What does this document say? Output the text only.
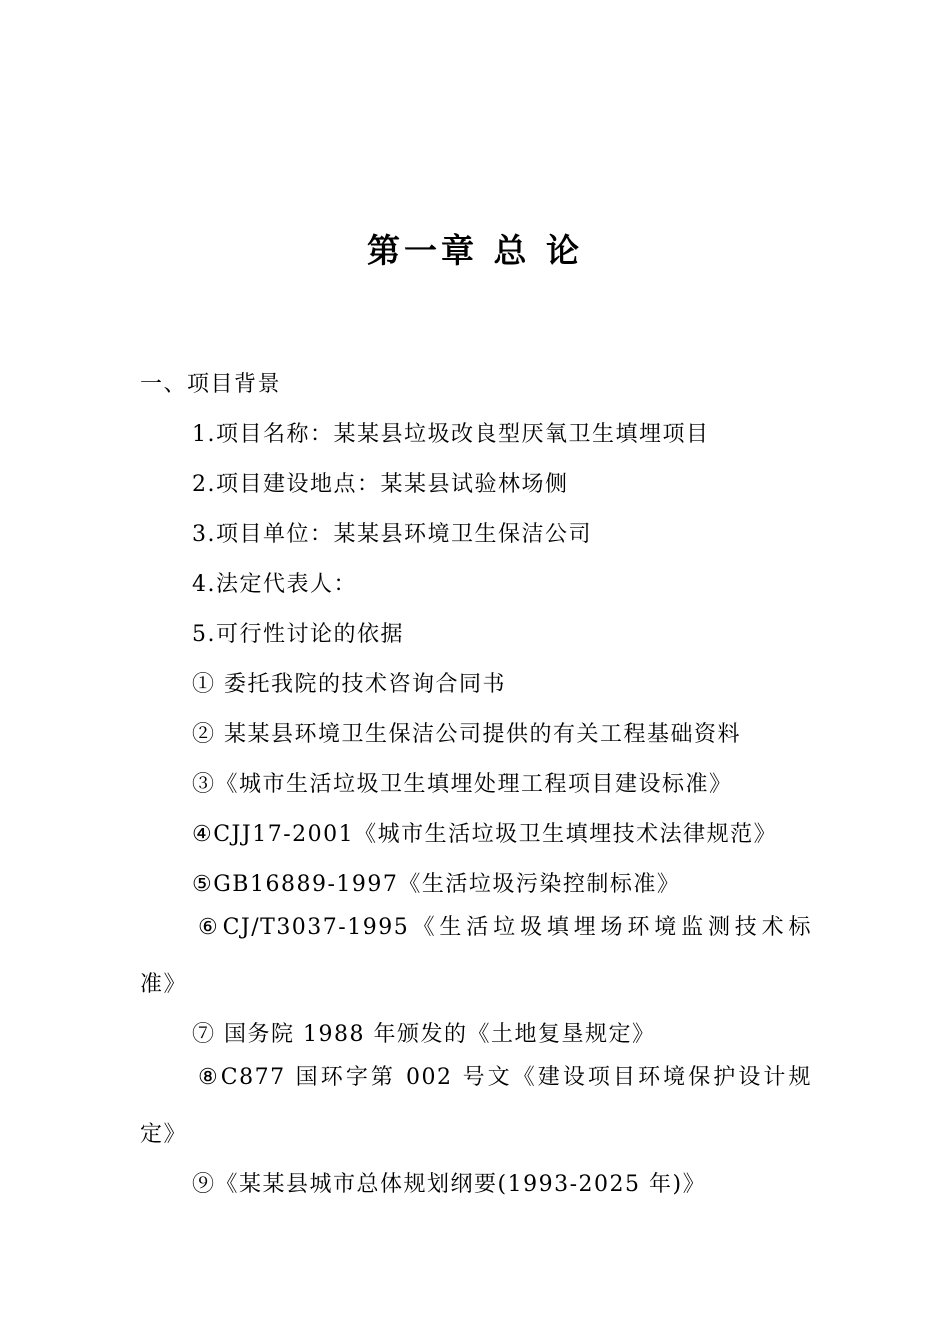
第一章 总 论
一、项目背景
1.项目名称：某某县垃圾改良型厌氧卫生填埋项目
2.项目建设地点：某某县试验林场侧
3.项目单位：某某县环境卫生保洁公司
4.法定代表人：
5.可行性讨论的依据
① 委托我院的技术咨询合同书
② 某某县环境卫生保洁公司提供的有关工程基础资料
③《城市生活垃圾卫生填埋处理工程项目建设标准》
④CJJ17-2001《城市生活垃圾卫生填埋技术法律规范》
⑤GB16889-1997《生活垃圾污染控制标准》
⑥CJ/T3037-1995《生活垃圾填埋场环境监测技术标
准》
⑦ 国务院 1988 年颁发的《土地复垦规定》
⑧C877 国环字第 002 号文《建设项目环境保护设计规
定》
⑨《某某县城市总体规划纲要(1993-2025 年)》
